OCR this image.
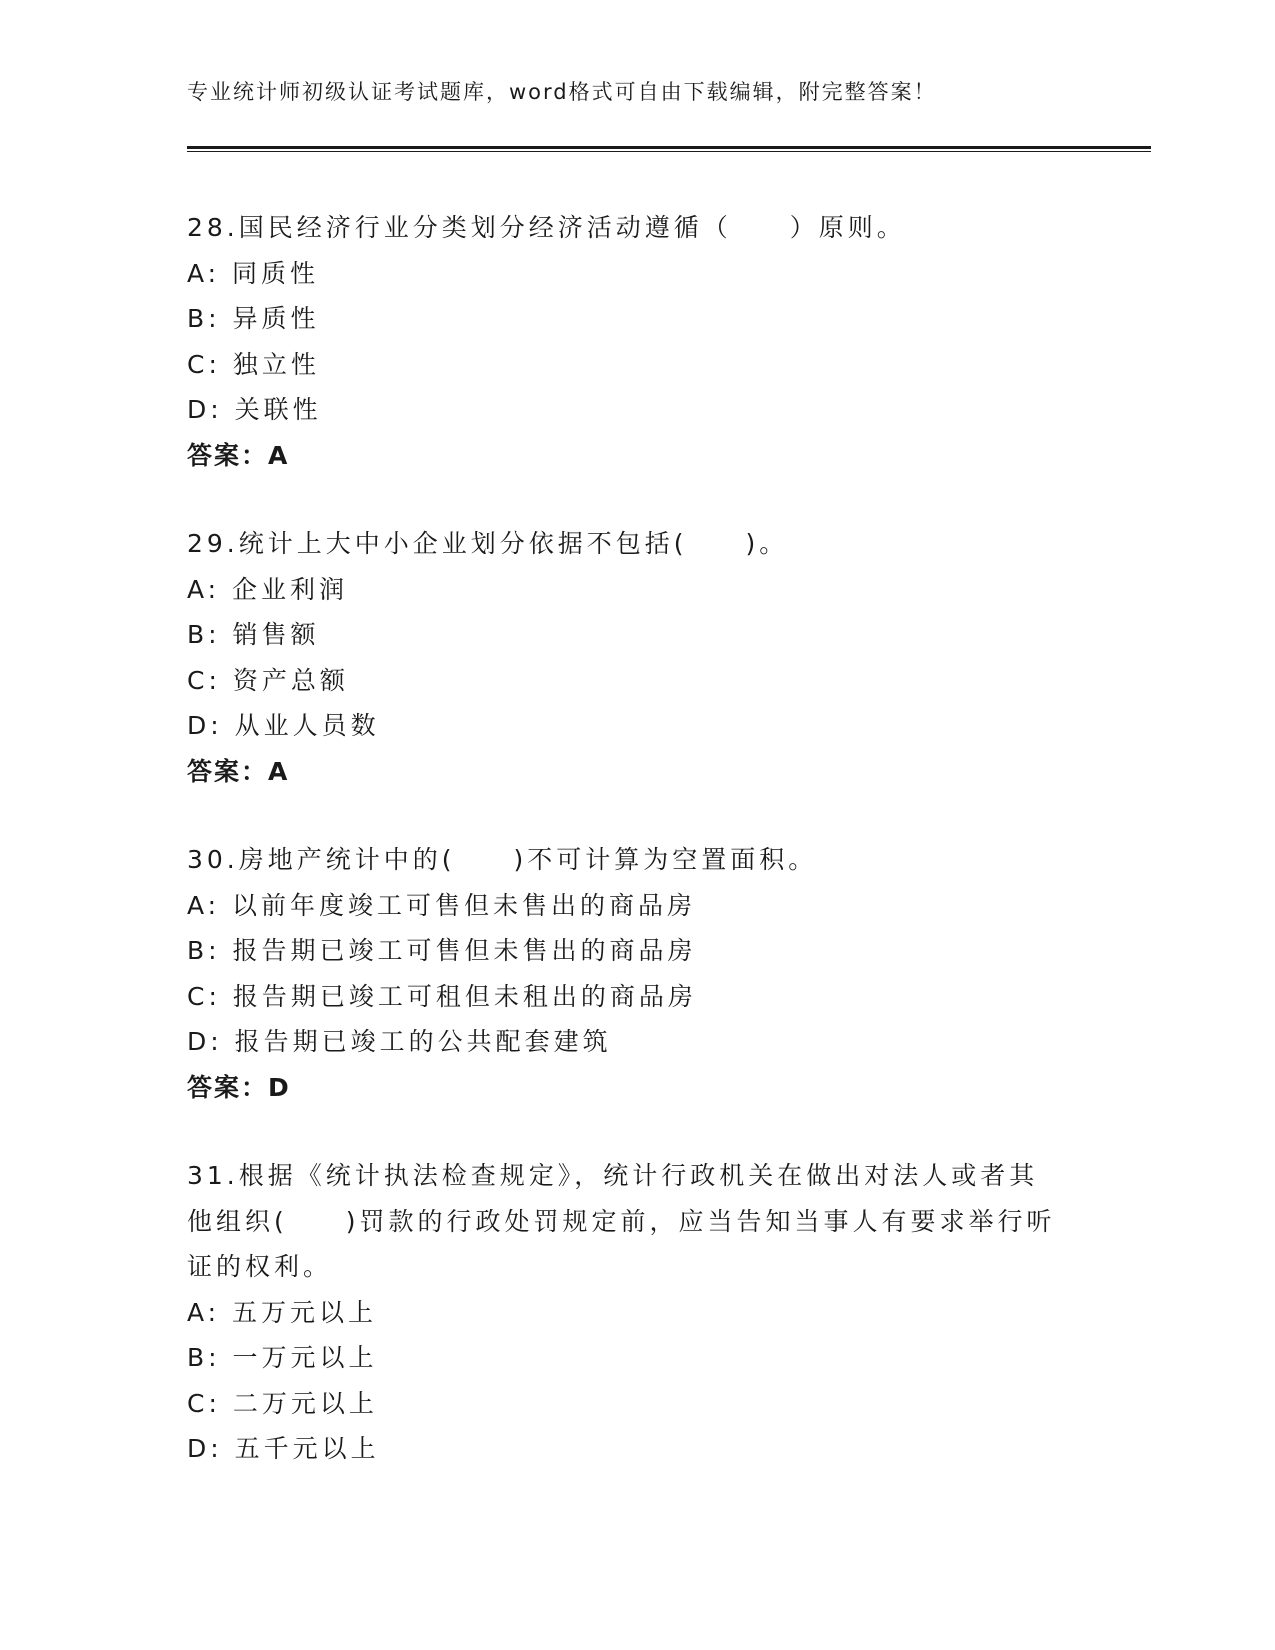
专业统计师初级认证考试题库，word格式可自由下载编辑，附完整答案！
28.国民经济行业分类划分经济活动遵循（　　）原则。
A: 同质性
B: 异质性
C: 独立性
D: 关联性
答案：A
29.统计上大中小企业划分依据不包括(　　)。
A: 企业利润
B: 销售额
C: 资产总额
D: 从业人员数
答案：A
30.房地产统计中的(　　)不可计算为空置面积。
A: 以前年度竣工可售但未售出的商品房
B: 报告期已竣工可售但未售出的商品房
C: 报告期已竣工可租但未租出的商品房
D: 报告期已竣工的公共配套建筑
答案：D
31.根据《统计执法检查规定》，统计行政机关在做出对法人或者其
他组织(　　)罚款的行政处罚规定前，应当告知当事人有要求举行听
证的权利。
A: 五万元以上
B: 一万元以上
C: 二万元以上
D: 五千元以上
